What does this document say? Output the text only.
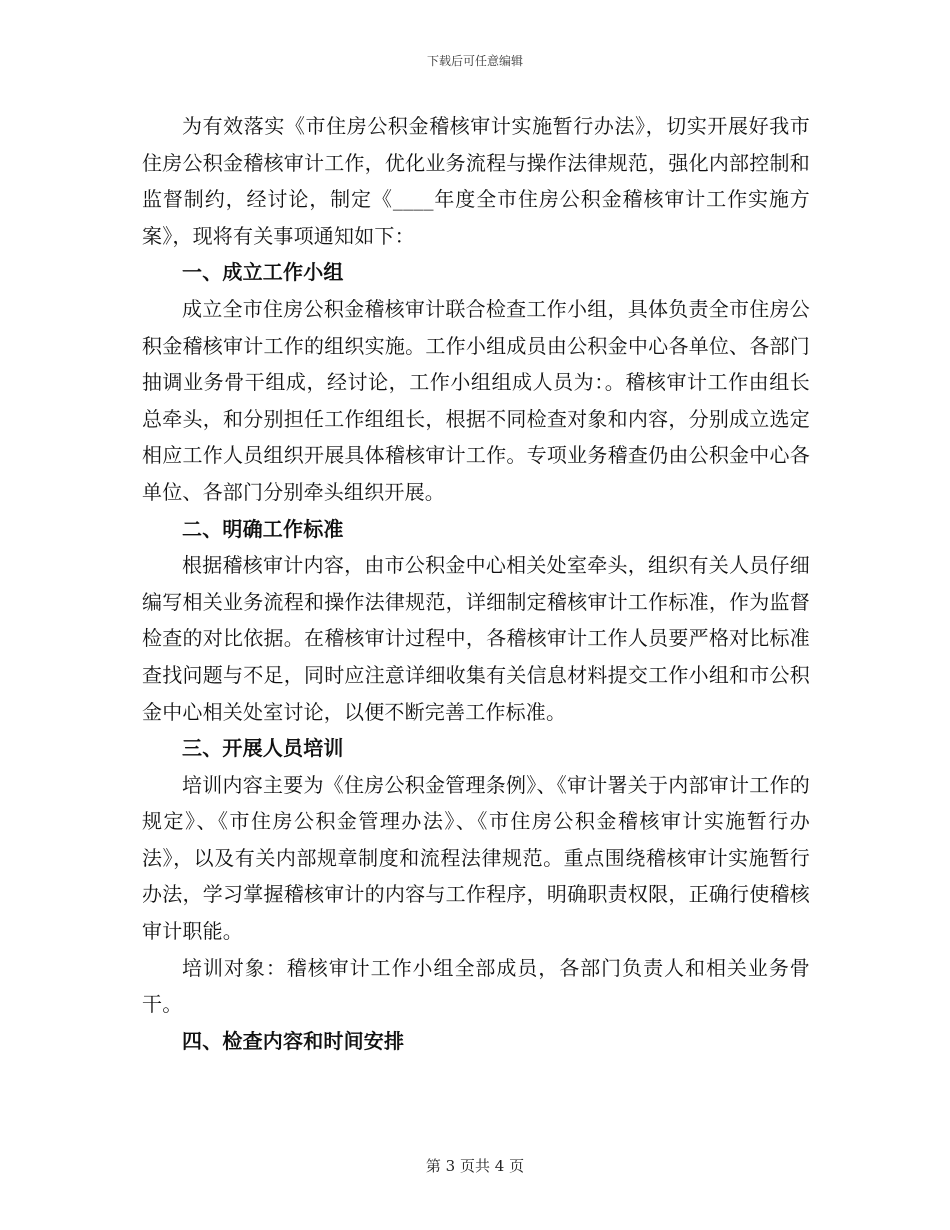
下载后可任意编辑

为有效落实《市住房公积金稽核审计实施暂行办法》，切实开展好我市住房公积金稽核审计工作，优化业务流程与操作法律规范，强化内部控制和监督制约，经讨论，制定《____年度全市住房公积金稽核审计工作实施方案》，现将有关事项通知如下：

一、成立工作小组

成立全市住房公积金稽核审计联合检查工作小组，具体负责全市住房公积金稽核审计工作的组织实施。工作小组成员由公积金中心各单位、各部门抽调业务骨干组成，经讨论，工作小组组成人员为：。稽核审计工作由组长总牵头，和分别担任工作组组长，根据不同检查对象和内容，分别成立选定相应工作人员组织开展具体稽核审计工作。专项业务稽查仍由公积金中心各单位、各部门分别牵头组织开展。

二、明确工作标准

根据稽核审计内容，由市公积金中心相关处室牵头，组织有关人员仔细编写相关业务流程和操作法律规范，详细制定稽核审计工作标准，作为监督检查的对比依据。在稽核审计过程中，各稽核审计工作人员要严格对比标准查找问题与不足，同时应注意详细收集有关信息材料提交工作小组和市公积金中心相关处室讨论，以便不断完善工作标准。

三、开展人员培训

培训内容主要为《住房公积金管理条例》、《审计署关于内部审计工作的规定》、《市住房公积金管理办法》、《市住房公积金稽核审计实施暂行办法》，以及有关内部规章制度和流程法律规范。重点围绕稽核审计实施暂行办法，学习掌握稽核审计的内容与工作程序，明确职责权限，正确行使稽核审计职能。

培训对象：稽核审计工作小组全部成员，各部门负责人和相关业务骨干。

四、检查内容和时间安排
第 3 页共 4 页
